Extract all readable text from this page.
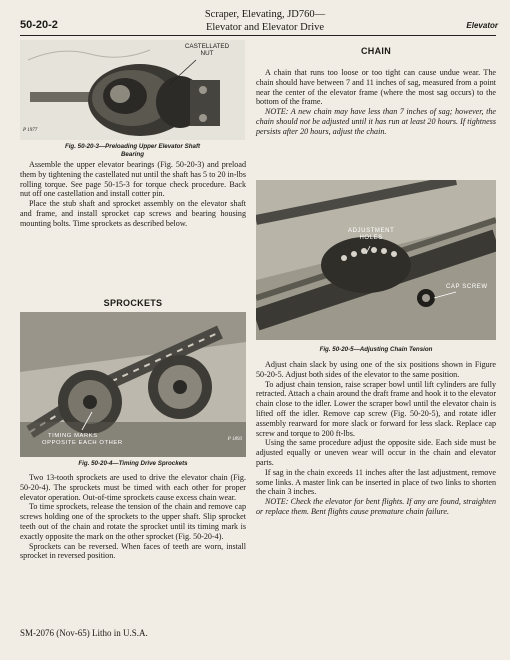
50-20-2
Scraper, Elevating, JD760—
Elevator and Elevator Drive	Elevator
CASTELLATED NUT
P 1977
Fig. 50-20-3—Preloading Upper Elevator Shaft
Bearing

Assemble the upper elevator bearings (Fig. 50-20-3) and preload them by tightening the castellated nut until the shaft has 5 to 20 in-lbs rolling torque. See page 50-15-3 for torque check procedure. Back nut off one castellation and install cotter pin.

Place the stub shaft and sprocket assembly on the elevator shaft and frame, and install sprocket cap screws and bearing housing mounting bolts. Time sprockets as described below.

SPROCKETS
TIMING MARKS
OPPOSITE EACH OTHER
P 1893
Fig. 50-20-4—Timing Drive Sprockets

Two 13-tooth sprockets are used to drive the elevator chain (Fig. 50-20-4). The sprockets must be timed with each other for proper elevator operation. Out-of-time sprockets cause excess chain wear.

To time sprockets, release the tension of the chain and remove cap screws holding one of the sprockets to the upper shaft. Slip sprocket teeth out of the chain and rotate the sprocket until its timing mark is exactly opposite the mark on the other sprocket (Fig. 50-20-4).

Sprockets can be reversed. When faces of teeth are worn, install sprocket in reversed position.

CHAIN

A chain that runs too loose or too tight can cause undue wear. The chain should have between 7 and 11 inches of sag, measured from a point near the center of the elevator frame (where the most sag occurs) to the bottom of the frame.

NOTE: A new chain may have less than 7 inches of sag; however, the chain should not be adjusted until it has run at least 20 hours. If tightness persists after 20 hours, adjust the chain.

ADJUSTMENT
HOLES
CAP SCREW
Fig. 50-20-5—Adjusting Chain Tension

Adjust chain slack by using one of the six positions shown in Figure 50-20-5. Adjust both sides of the elevator to the same position.

To adjust chain tension, raise scraper bowl until lift cylinders are fully retracted. Attach a chain around the draft frame and hook it to the elevator chain close to the idler. Lower the scraper bowl until the elevator chain is lifted off the idler. Remove cap screw (Fig. 50-20-5), and rotate idler assembly rearward for more slack or forward for less slack. Replace cap screw and torque to 200 ft-lbs.

Using the same procedure adjust the opposite side. Each side must be adjusted equally or uneven wear will occur in the chain and elevator parts.

If sag in the chain exceeds 11 inches after the last adjustment, remove some links. A master link can be inserted in place of two links to shorten the chain 3 inches.

NOTE: Check the elevator for bent flights. If any are found, straighten or replace them. Bent flights cause premature chain failure.

SM-2076 (Nov-65) Litho in U.S.A.
